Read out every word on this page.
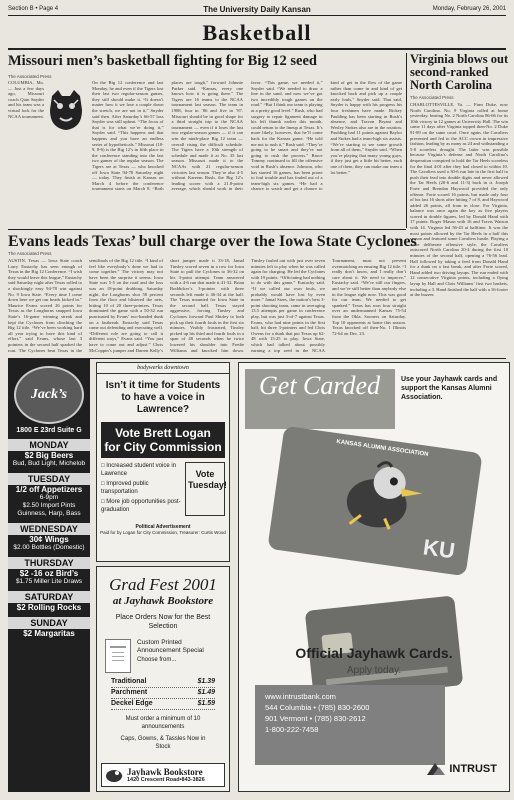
Section B • Page 4	The University Daily Kansan	Monday, February 26, 2001
Basketball
Missouri men’s basketball fighting for Big 12 seed
The Associated Press
COLUMBIA, Mo. — Just a few days ago, Missouri coach Quin Snyder and his team was a virtual lock for the NCAA tournament.
On the Big 12 conference and last Monday, he and even if the Tigers lost their last two regular-season games, they still should make it. “It doesn’t matter how it we lose a couple down the stretch, we are not in it,” Snyder said then. After Saturday’s 66-57 loss Snyder was still upbeat. “The focus of that is for what we’re doing it,” Snyder said. “This happens and that happens and you have an endless series of hypotheticals.” Missouri (18-9, 8-6) is the Big 12’s in fifth place in the conference standing into the last two games of the regular season. The Tigers are at Texas — who knocked off Iowa State 94-78 Saturday night — today. They finish at Kansas on March 4 before the conference tournament starts on March 8. “Both places are tough,” forward Johnnie Parker said. “Kansas, every one knows how it is going there.” The Tigers are 16 teams to the NCAA tournament last season. The team in 1988, four in ’86 and five in ’87. Missouri should be in good shape for a third straight trip to the NCAA tournament — even if it loses the last two regular-season games — if it can win the ninth-place Big 12 team — overall rising the difficult schedule. The Tigers have a 10th strength of schedule and made it at No. 35 last season. Missouri made it to the NCAAs with 21 regular-season victories last season. They’re also 4-5 without Kareem Rush, the Big 12’s leading scorer with a 21.8-point average, which should work in their favor. “This game, we needed it,” Snyder said. “We needed to draw a line in the sand, and now we’ve got two incredibly tough games on the road.” “But I think our team is playing at a pretty good level.” Rush, who had surgery to repair ligament damage in his left thumb earlier this month, could return to the lineup at Texas. It’s more likely, however, that he’ll come back for the Kansas game. “He told me not to rush it,” Rush said. “They’re going to be smart and they’re not going to rush the process.” Bruce Tommy continued to fill the offensive void in Rush’s absence. Johnson, who has started 16 games, has been prone to foul trouble and has fouled out of a team-high six games. “He had a chance to watch and get a chance to kind of get in the flow of the game rather than come in and kind of get knocked back and pick up a couple early fouls,” Snyder said. That said, Snyder is happy with his progress his four freshmen have made. Rickey Paulding has been starting in Rush’s absence, and Travon Bryant and Wesley Stokes also are in the rotation. Paulding had 11 points against Baylor and Stokes had a team-high six assists. “We’re starting to see some growth from all of them,” Snyder said. “When you’re playing that many young guys, if they just get a little bit better, each one of them, they can make our team a lot better.”
Virginia blows out second-ranked North Carolina
The Associated Press
CHARLOTTESVILLE, Va. — Firm Duke, now North Carolina. No. 9 Virginia rolled at home yesterday, beating No. 2 North Carolina 86-66 for its 10th victory in 12 games at University Hall. The win came 11 days after Virginia topped then-No. 2 Duke 91-89 on the same court. Once again, the Cavaliers prevented and fed to the ACC crown in impressive fashion, leading by as many as 24 and withstanding a 5-0 scoreless drought. The latter was possible because Virginia’s defense and North Carolina’s desperation conspired to hold the Tar Heels scoreless for the final 4:01 after they had closed to within 10. The Cavaliers used a 30-6 run late in the first half to push their lead into double digits and never allowed the Tar Heels (20-6 and 11-3) back in it. Joseph Forte and Brendan Haywood provided the only offense. Forte scored 16 points, but made only four of his last 16 shots after hitting 7 of 8, and Haywood added 26 points, all from in close. For Virginia, balance was once again the key as five players scored in double figures, led by Donald Hand with 17 points. Roger Mason with 16 and Travis Watson with 14. Virginia led 56-43 at halftime. It was the most points allowed by the Tar Heels in a half this season and featured some Cavaliers hustle. Playing a more deliberate offensive style, the Cavaliers outscored North Carolina 20-4 during the first 10 minutes of the second half, opening a 76-56 lead. Hall followed by taking a feed from Donald Hand for a dunk on a fast break, and after Forte scored, Hand added two driving layups. The run ended with 12 consecutive Virginia points, including a flying layup by Hall and Chris Williams’ first two baskets, including a 3. Hand finished the half with a 16-footer at the buzzer.
Evans leads Texas’ bull charge over the Iowa State Cyclones
The Associated Press
AUSTIN, Texas — Iowa State coach Larry Eustachy has seen enough of Texas in the Big 12 Conference. “I wish they would leave this league,” Eustachy said Saturday night after Texas rolled to a shockingly easy 94-78 win against No. 9 Iowa State. “Every time I come down here we get our heads kicked in.” Maurice Evans scored 26 points for Texas as the Longhorns snapped Iowa State’s 16-game winning streak and kept the Cyclones from clinching the Big 12 title. “We’ve been working hard all year trying to have this kind of effort,” said Evans, whose last 3 pointers in the second half sparked the rout. The Cyclones beat Texas in the semifinals of the Big 12 title. “I kind of feel like everybody’s done we had to come together.” The victory may not have been the surprise it seems. Iowa State was 5-5 on the road and the loss was an 18-point drubbing. Saturday night, the Longhorns shot 58 percent from the floor and blistered the nets, hitting 10 of 20 three-pointers. Texas dominated the game with a 50-32 run punctuated by Evans’ two-handed dunk on a fastbreak. Eustachy said Texas came out defending and executing well. “Different role are going to call it different ways,” Evans said. “You just have to come out and adjust.” Chris McCoppin’s jumper and Darren Kelly’s short jumper made it 33-18, Jamal Tinsley scored seven in a row for Iowa State to pull the Cyclones to 36-32 on his 3-point attempt. Team answered with a 4-6 run that made it 41-32. Brian Boddicker’s 3-pointer with three seconds left made it 46-34 at the half. The Texas mounted for Iowa State in the second half. Texas stayed aggressive, forcing Tinsley and Cyclones forward Paul Shirley to both pick up their fourth fouls in the first six minutes. Visibly frustrated, Tinsley picked up his third and fourth fouls in a span of 48 seconds when he twice lowered his shoulder into Fredie Williams and knocked him down. Tinsley fouled out with just over seven minutes left to play when he was called again for charging. He led the Cyclones with 19 points. “Officiating had nothing to do with this game,” Eustachy said. “If we called our own fouls, we probably would have lost by even more.” Jamal Sizes, the nation’s best 3-point shooting team, came in averaging 13.5 attempts per game in conference play, but was just 3-of-7 against Texas. Evans, who had nine points in the first half, hit three 3-pointers and fed Chris Owens for a dunk that put Texas up 62-48 with 15:25 to play. Iowa State, which had talked about possibly earning a top seed in the NCAA Tournament, must not prevent overmatching an ensuing Big 12 title. “I really don’t know, and I really don’t care about it. We need to improve,” Eustachy said. “We’re still our fingers, and we’re still better than anybody else in the league right now. This was good for our team. We needed to get spanked.” Texas has won four straight over an undermanned Kansas 75-54 from the Okla. Sooners on Saturday. Top 10 opponents at home this season. Texas knocked off then-No. 1 Illinois 72-64 on Dec. 23.
Jack’s
1800 E 23rd Suite G
MONDAY
$2 Big Beers
Bud, Bud Light, Michelob
TUESDAY
1/2 off Appetizers
6-9pm
$2.50 Import Pints
Guinness, Harp, Bass
WEDNESDAY
30¢ Wings
$2.00 Bottles (Domestic)
THURSDAY
$2 -16 oz Bird’s
$1.75 Miller Lite Draws
SATURDAY
$2 Rolling Rocks
SUNDAY
$2 Margaritas
bodywerks downtown
Isn’t it time for Students to have a voice in Lawrence?
Vote Brett Logan
for City Commission
□ Increased student voice in Lawrence
□ Improved public transportation
□ More job opportunities post-graduation
Vote Tuesday!
Political Advertisement
Paid for by Logan for City Commission, Treasurer: Curtis Wood
Grad Fest 2001
at Jayhawk Bookstore
Place Orders Now for the Best Selection
Custom Printed Announcement Special
Choose from...
Traditional	$1.39
Parchment	$1.49
Deckel Edge	$1.59
Must order a minimum of 10 announcements
Caps, Gowns, & Tassles Now in Stock
Jayhawk Bookstore
1420 Crescent Road•843-3826
Get Carded	Use your Jayhawk cards and support the Kansas Alumni Association.
KANSAS ALUMNI ASSOCIATION
KU
Official Jayhawk Cards.
Apply today.
www.intrustbank.com
544 Columbia • (785) 830-2600
901 Vermont • (785) 830-2612
1-800-222-7458
INTRUST
